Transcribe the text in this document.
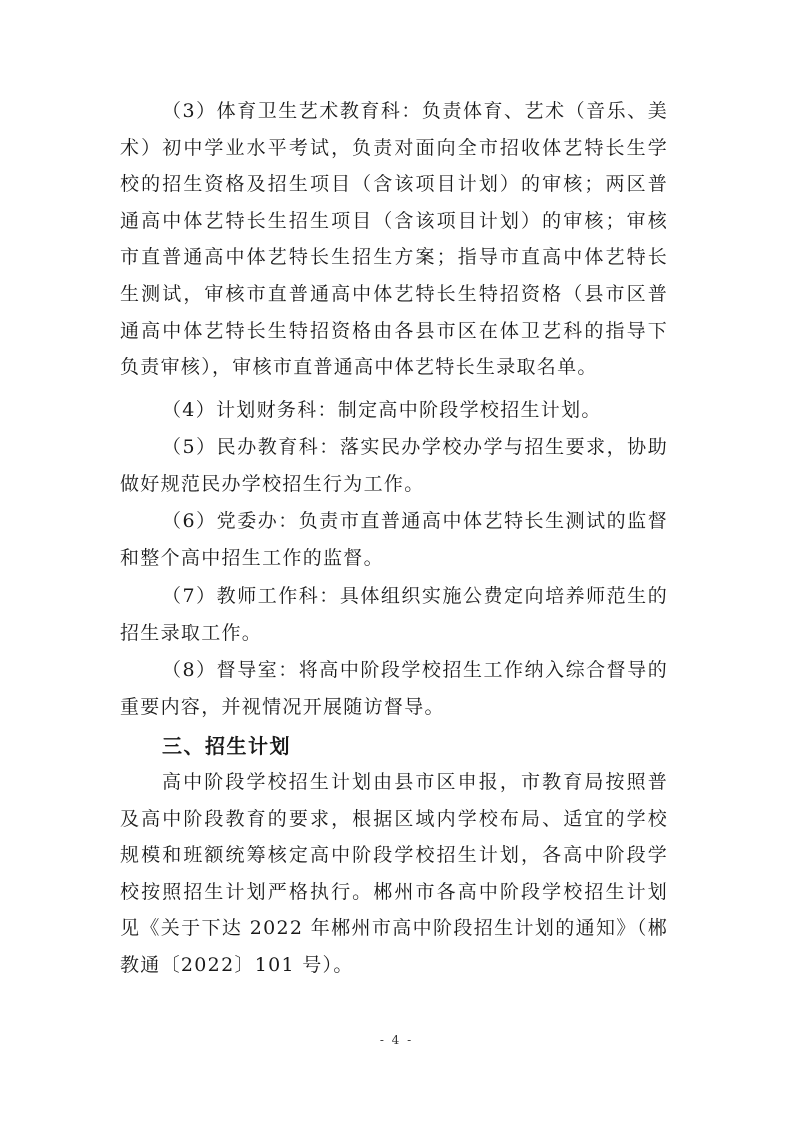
（3）体育卫生艺术教育科：负责体育、艺术（音乐、美术）初中学业水平考试，负责对面向全市招收体艺特长生学校的招生资格及招生项目（含该项目计划）的审核；两区普通高中体艺特长生招生项目（含该项目计划）的审核；审核市直普通高中体艺特长生招生方案；指导市直高中体艺特长生测试，审核市直普通高中体艺特长生特招资格（县市区普通高中体艺特长生特招资格由各县市区在体卫艺科的指导下负责审核），审核市直普通高中体艺特长生录取名单。

（4）计划财务科：制定高中阶段学校招生计划。

（5）民办教育科：落实民办学校办学与招生要求，协助做好规范民办学校招生行为工作。

（6）党委办：负责市直普通高中体艺特长生测试的监督和整个高中招生工作的监督。

（7）教师工作科：具体组织实施公费定向培养师范生的招生录取工作。

（8）督导室：将高中阶段学校招生工作纳入综合督导的重要内容，并视情况开展随访督导。

三、招生计划

高中阶段学校招生计划由县市区申报，市教育局按照普及高中阶段教育的要求，根据区域内学校布局、适宜的学校规模和班额统筹核定高中阶段学校招生计划，各高中阶段学校按照招生计划严格执行。郴州市各高中阶段学校招生计划见《关于下达 2022 年郴州市高中阶段招生计划的通知》（郴教通〔2022〕101 号）。

- 4 -
